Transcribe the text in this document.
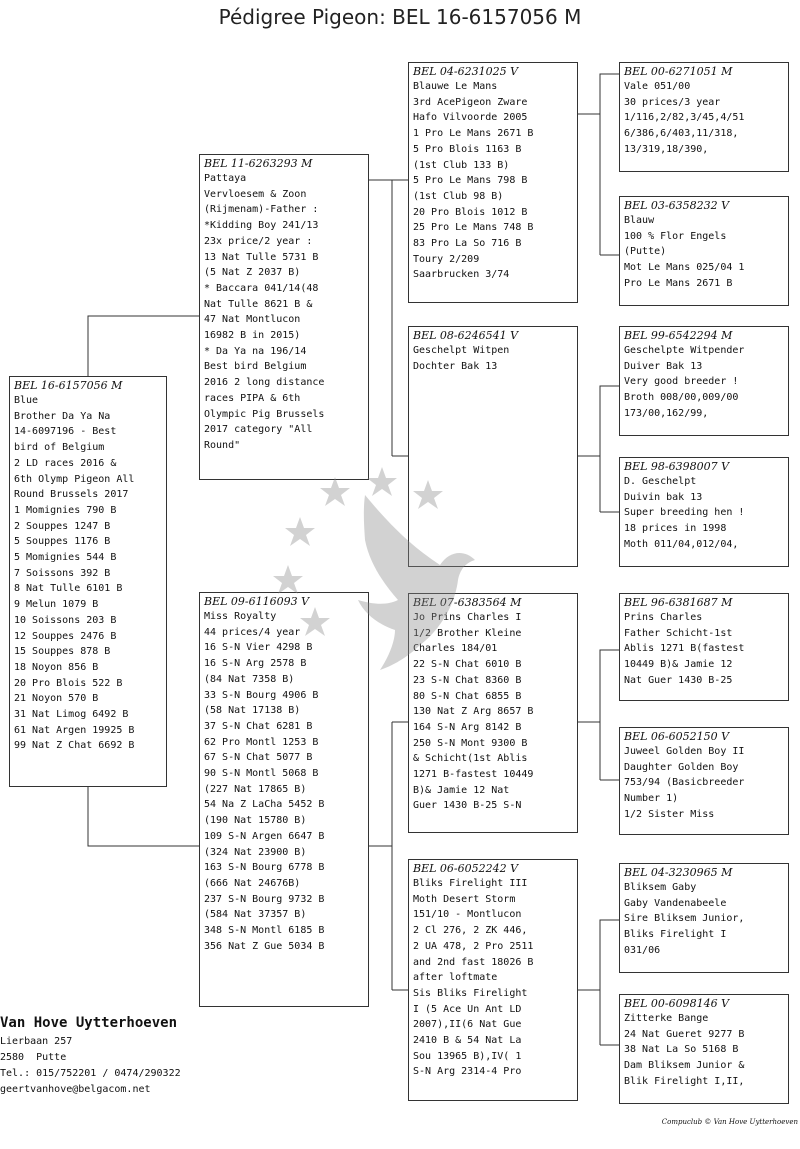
Pédigree Pigeon: BEL 16-6157056 M
BEL 16-6157056 M
Blue
Brother Da Ya Na
14-6097196 - Best
bird of Belgium
2 LD races 2016 &
6th Olymp Pigeon All
Round Brussels 2017
1 Momignies 790 B
2 Souppes 1247 B
5 Souppes 1176 B
5 Momignies 544 B
7 Soissons 392 B
8 Nat Tulle 6101 B
9 Melun 1079 B
10 Soissons 203 B
12 Souppes 2476 B
15 Souppes 878 B
18 Noyon 856 B
20 Pro Blois 522 B
21 Noyon 570 B
31 Nat Limog 6492 B
61 Nat Argen 19925 B
99 Nat Z Chat 6692 B
BEL 11-6263293 M
Pattaya
Vervloesem & Zoon
(Rijmenam)-Father :
*Kidding Boy 241/13
23x price/2 year :
13 Nat Tulle 5731 B
(5 Nat Z 2037 B)
* Baccara 041/14(48
Nat Tulle 8621 B &
47 Nat Montlucon
16982 B in 2015)
* Da Ya na 196/14
Best bird Belgium
2016 2 long distance
races PIPA & 6th
Olympic Pig Brussels
2017 category "All
Round"
BEL 09-6116093 V
Miss Royalty
44 prices/4 year
16 S-N Vier 4298 B
16 S-N Arg 2578 B
(84 Nat 7358 B)
33 S-N Bourg 4906 B
(58 Nat 17138 B)
37 S-N Chat 6281 B
62 Pro Montl 1253 B
67 S-N Chat 5077 B
90 S-N Montl 5068 B
(227 Nat 17865 B)
54 Na Z LaCha 5452 B
(190 Nat 15780 B)
109 S-N Argen 6647 B
(324 Nat 23900 B)
163 S-N Bourg 6778 B
(666 Nat 24676B)
237 S-N Bourg 9732 B
(584 Nat 37357 B)
348 S-N Montl 6185 B
356 Nat Z Gue 5034 B
BEL 04-6231025 V
Blauwe Le Mans
3rd AcePigeon Zware
Hafo Vilvoorde 2005
1 Pro Le Mans 2671 B
5 Pro Blois 1163 B
(1st Club 133 B)
5 Pro Le Mans 798 B
(1st Club 98 B)
20 Pro Blois 1012 B
25 Pro Le Mans 748 B
83 Pro La So 716 B
Toury 2/209
Saarbrucken 3/74
BEL 08-6246541 V
Geschelpt Witpen
Dochter Bak 13
BEL 07-6383564 M
Jo Prins Charles I
1/2 Brother Kleine
Charles 184/01
22 S-N Chat 6010 B
23 S-N Chat 8360 B
80 S-N Chat 6855 B
130 Nat Z Arg 8657 B
164 S-N Arg 8142 B
250 S-N Mont 9300 B
& Schicht(1st Ablis
1271 B-fastest 10449
B)& Jamie 12 Nat
Guer 1430 B-25 S-N
BEL 06-6052242 V
Bliks Firelight III
Moth Desert Storm
151/10 - Montlucon
2 Cl 276, 2 ZK 446,
2 UA 478, 2 Pro 2511
and 2nd fast 18026 B
after loftmate
Sis Bliks Firelight
I (5 Ace Un Ant LD
2007),II(6 Nat Gue
2410 B & 54 Nat La
Sou 13965 B),IV( 1
S-N Arg 2314-4 Pro
BEL 00-6271051 M
Vale 051/00
30 prices/3 year
1/116,2/82,3/45,4/51
6/386,6/403,11/318,
13/319,18/390,
BEL 03-6358232 V
Blauw
100 % Flor Engels
(Putte)
Mot Le Mans 025/04 1
Pro Le Mans 2671 B
BEL 99-6542294 M
Geschelpte Witpender
Duiver Bak 13
Very good breeder !
Broth 008/00,009/00
173/00,162/99,
BEL 98-6398007 V
D. Geschelpt
Duivin bak 13
Super breeding hen !
18 prices in 1998
Moth 011/04,012/04,
BEL 96-6381687 M
Prins Charles
Father Schicht-1st
Ablis 1271 B(fastest
10449 B)& Jamie 12
Nat Guer 1430 B-25
BEL 06-6052150 V
Juweel Golden Boy II
Daughter Golden Boy
753/94 (Basicbreeder
Number 1)
1/2 Sister Miss
BEL 04-3230965 M
Bliksem Gaby
Gaby Vandenabeele
Sire Bliksem Junior,
Bliks Firelight I
031/06
BEL 00-6098146 V
Zitterke Bange
24 Nat Gueret 9277 B
38 Nat La So 5168 B
Dam Bliksem Junior &
Blik Firelight I,II,
Van Hove Uytterhoeven
Lierbaan 257
2580  Putte
Tel.: 015/752201 / 0474/290322
geertvanhove@belgacom.net
Compuclub © Van Hove Uytterhoeven
